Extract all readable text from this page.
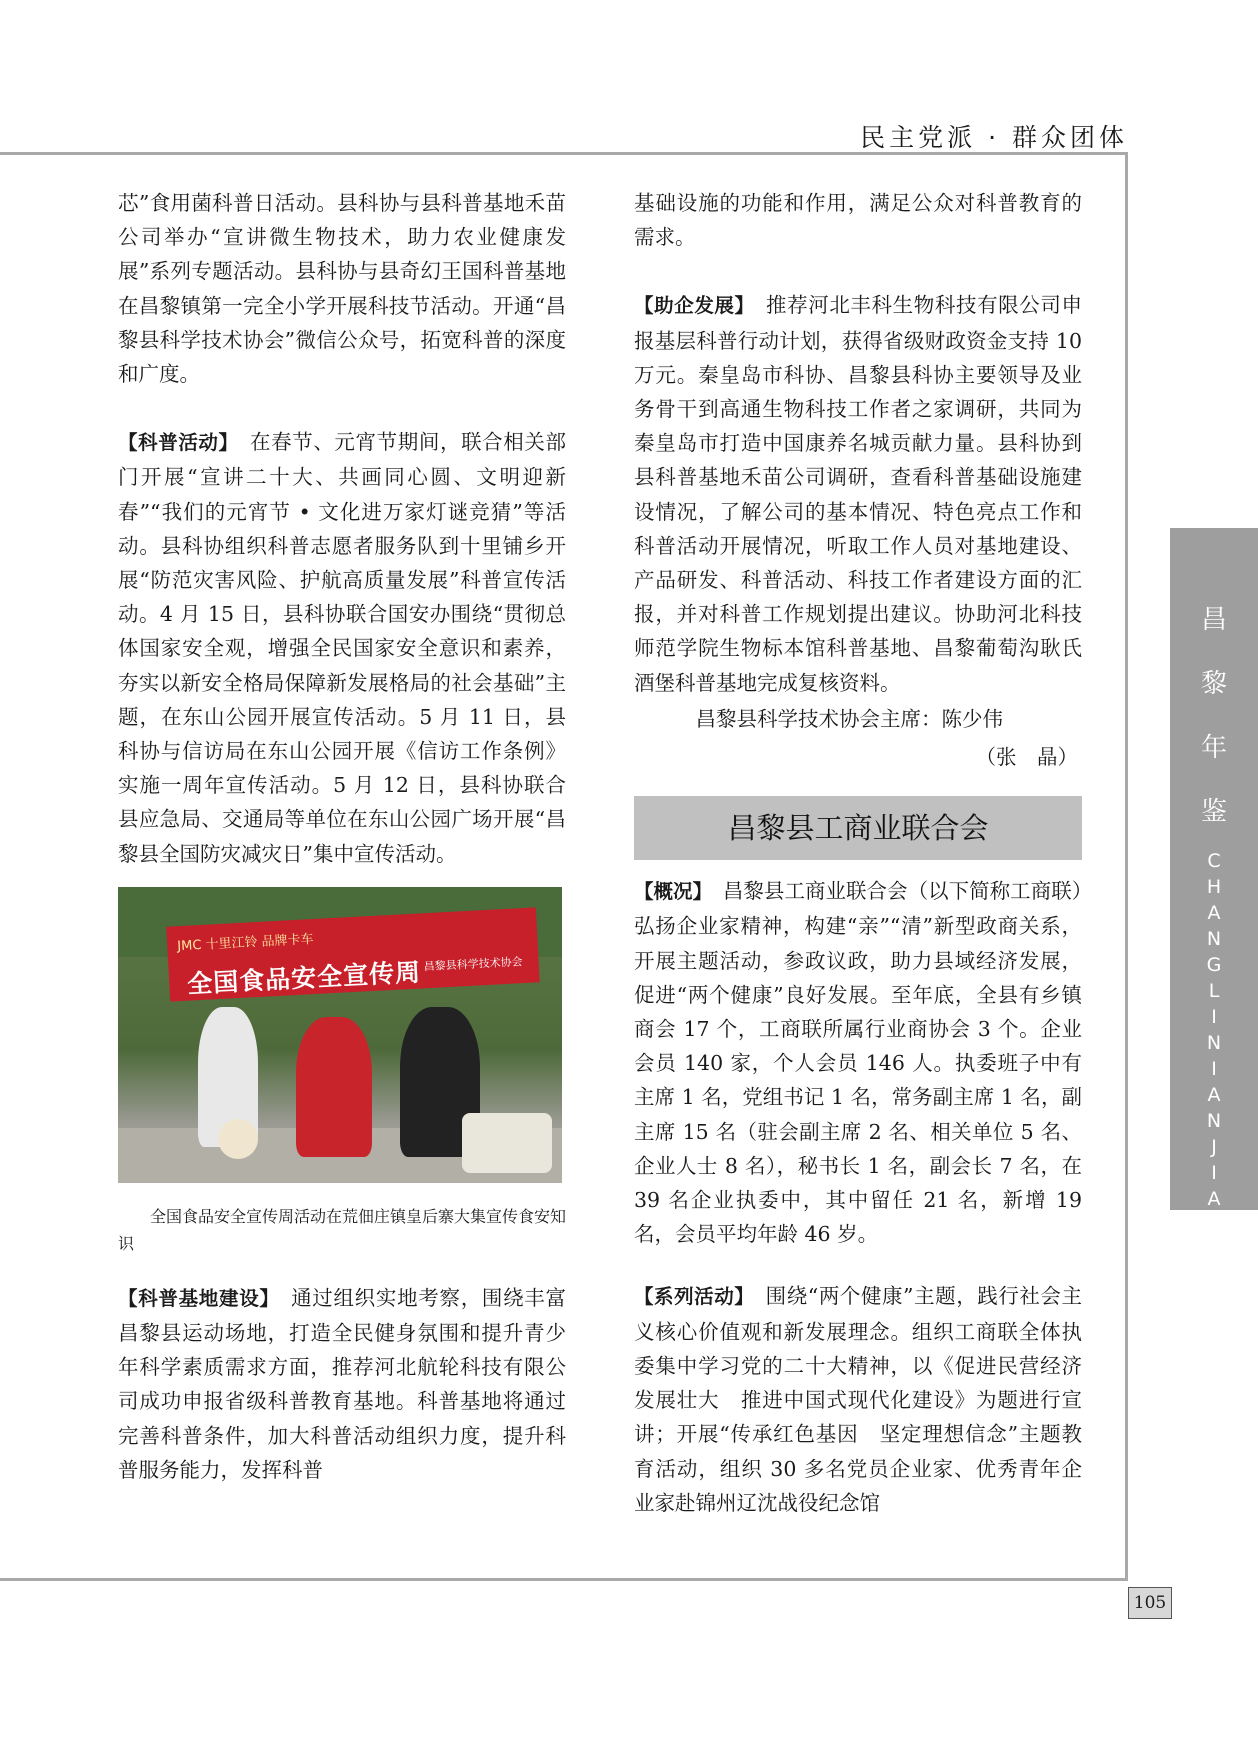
民主党派 · 群众团体

芯”食用菌科普日活动。县科协与县科普基地禾苗公司举办“宣讲微生物技术，助力农业健康发展”系列专题活动。县科协与县奇幻王国科普基地在昌黎镇第一完全小学开展科技节活动。开通“昌黎县科学技术协会”微信公众号，拓宽科普的深度和广度。

【科普活动】　 在春节、元宵节期间，联合相关部门开展“宣讲二十大、共画同心圆、文明迎新春”“我们的元宵节 • 文化进万家灯谜竞猜”等活动。县科协组织科普志愿者服务队到十里铺乡开展“防范灾害风险、护航高质量发展”科普宣传活动。4 月 15 日，县科协联合国安办围绕“贯彻总体国家安全观，增强全民国家安全意识和素养，夯实以新安全格局保障新发展格局的社会基础”主题，在东山公园开展宣传活动。5 月 11 日，县科协与信访局在东山公园开展《信访工作条例》实施一周年宣传活动。5 月 12 日，县科协联合县应急局、交通局等单位在东山公园广场开展“昌黎县全国防灾减灾日”集中宣传活动。

JMC 十里江铃 品牌卡车
全国食品安全宣传周 昌黎县科学技术协会
全国食品安全宣传周活动在荒佃庄镇皇后寨大集宣传食安知识

【科普基地建设】　 通过组织实地考察，围绕丰富昌黎县运动场地，打造全民健身氛围和提升青少年科学素质需求方面，推荐河北航轮科技有限公司成功申报省级科普教育基地。科普基地将通过完善科普条件，加大科普活动组织力度，提升科普服务能力，发挥科普

基础设施的功能和作用，满足公众对科普教育的需求。

【助企发展】　 推荐河北丰科生物科技有限公司申报基层科普行动计划，获得省级财政资金支持 10 万元。秦皇岛市科协、昌黎县科协主要领导及业务骨干到高通生物科技工作者之家调研，共同为秦皇岛市打造中国康养名城贡献力量。县科协到县科普基地禾苗公司调研，查看科普基础设施建设情况，了解公司的基本情况、特色亮点工作和科普活动开展情况，听取工作人员对基地建设、产品研发、科普活动、科技工作者建设方面的汇报，并对科普工作规划提出建议。协助河北科技师范学院生物标本馆科普基地、昌黎葡萄沟耿氏酒堡科普基地完成复核资料。

昌黎县科学技术协会主席：陈少伟

（张　晶）
昌黎县工商业联合会

【概况】　 昌黎县工商业联合会（以下简称工商联）弘扬企业家精神，构建“亲”“清”新型政商关系，开展主题活动，参政议政，助力县域经济发展，促进“两个健康”良好发展。至年底，全县有乡镇商会 17 个，工商联所属行业商协会 3 个。企业会员 140 家，个人会员 146 人。执委班子中有主席 1 名，党组书记 1 名，常务副主席 1 名，副主席 15 名（驻会副主席 2 名、相关单位 5 名、企业人士 8 名），秘书长 1 名，副会长 7 名，在 39 名企业执委中，其中留任 21 名，新增 19 名，会员平均年龄 46 岁。

【系列活动】　 围绕“两个健康”主题，践行社会主义核心价值观和新发展理念。组织工商联全体执委集中学习党的二十大精神，以《促进民营经济发展壮大　推进中国式现代化建设》为题进行宣讲；开展“传承红色基因　坚定理想信念”主题教育活动，组织 30 多名党员企业家、优秀青年企业家赴锦州辽沈战役纪念馆

昌
黎
年
鉴
C
H
A
N
G
L
I
N
I
A
N
J
I
A
N
105
